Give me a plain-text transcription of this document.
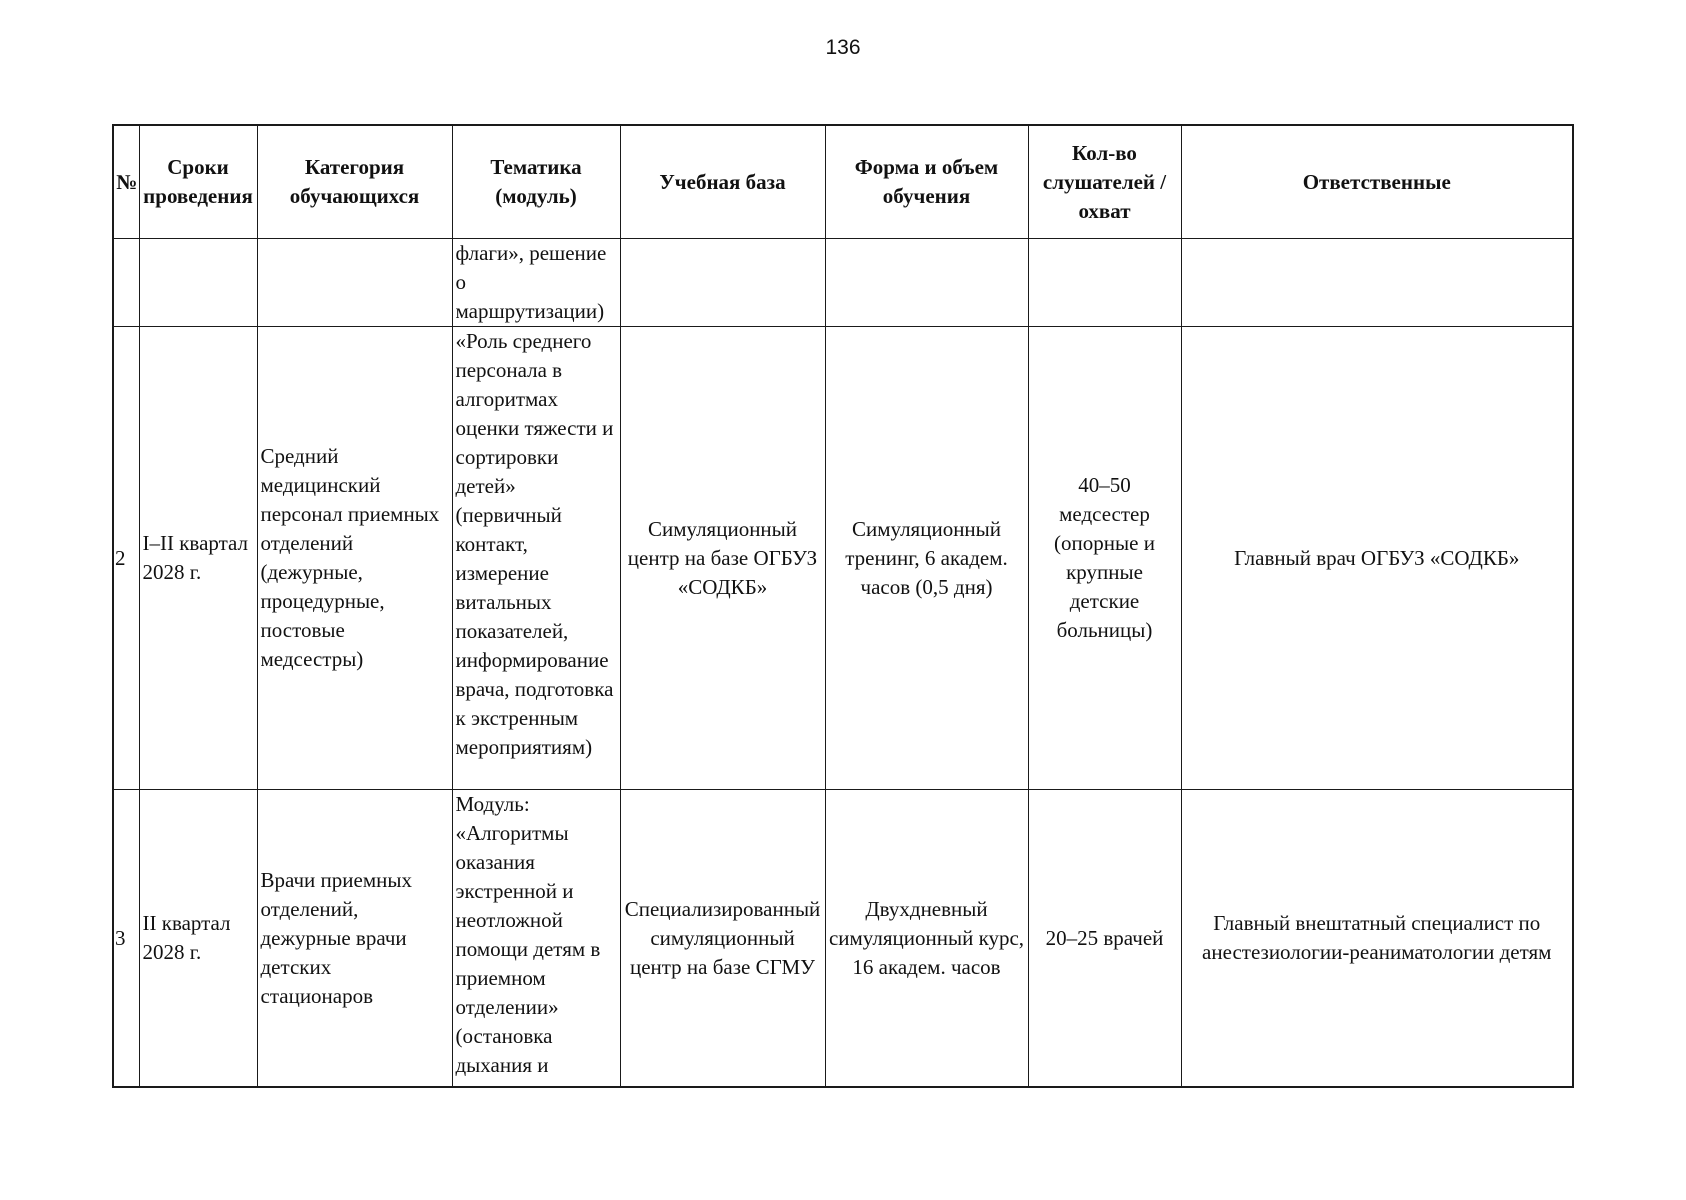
136
№	Сроки проведения	Категория обучающихся	Тематика (модуль)	Учебная база	Форма и объем обучения	Кол-во слушателей / охват	Ответственные
			флаги», решение о маршрутизации)				
2	I–II квартал 2028 г.	Средний медицинский персонал приемных отделений (дежурные, процедурные, постовые медсестры)	«Роль среднего персонала в алгоритмах оценки тяжести и сортировки детей» (первичный контакт, измерение витальных показателей, информирование врача, подготовка к экстренным мероприятиям)	Симуляционный центр на базе ОГБУЗ «СОДКБ»	Симуляционный тренинг, 6 академ. часов (0,5 дня)	40–50 медсестер (опорные и крупные детские больницы)	Главный врач ОГБУЗ «СОДКБ»
3	II квартал 2028 г.	Врачи приемных отделений, дежурные врачи детских стационаров	Модуль: «Алгоритмы оказания экстренной и неотложной помощи детям в приемном отделении» (остановка дыхания и	Специализированный симуляционный центр на базе СГМУ	Двухдневный симуляционный курс, 16 академ. часов	20–25 врачей	Главный внештатный специалист по анестезиологии-реаниматологии детям
